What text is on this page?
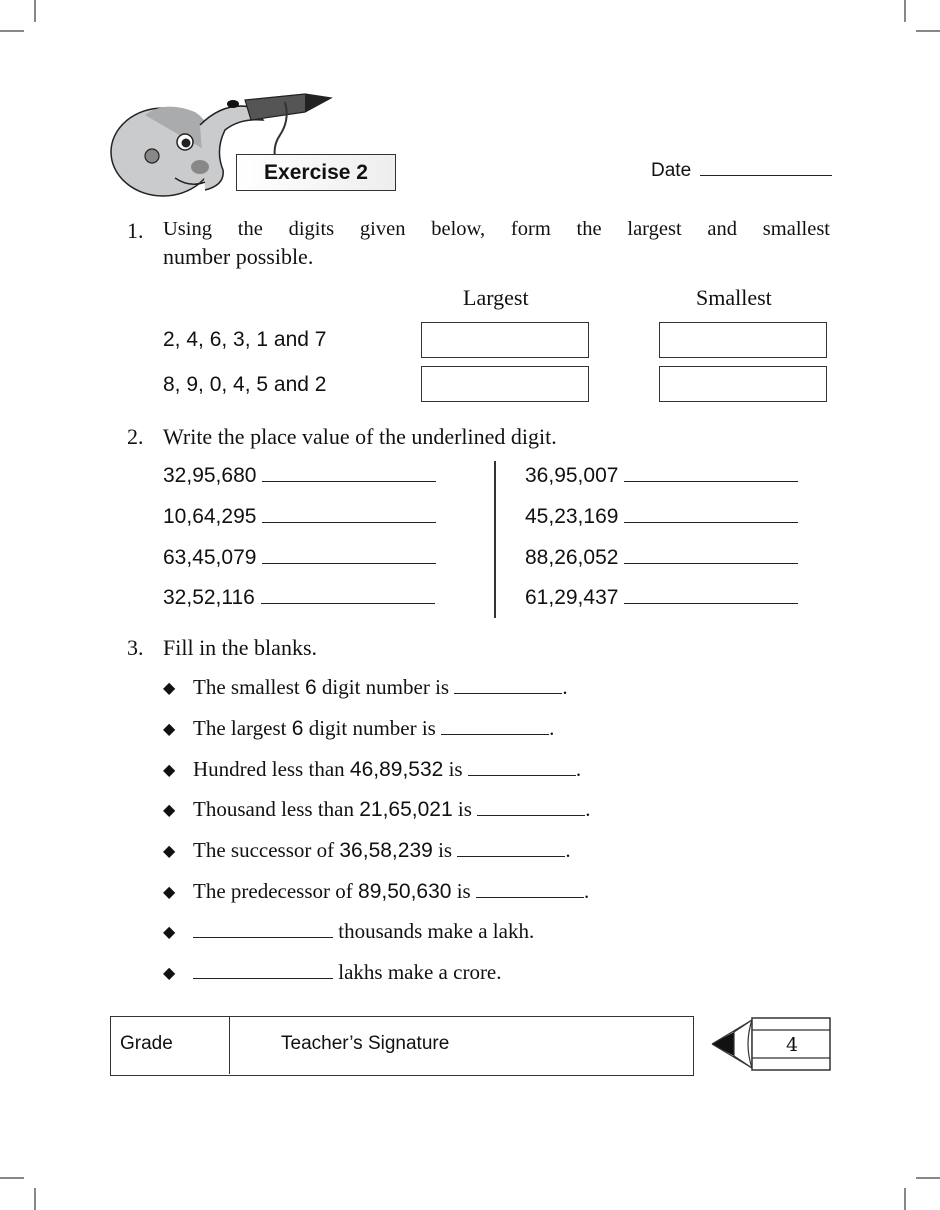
Exercise 2	Date
1. Using the digits given below, form the largest and smallest
number possible.
Largest	Smallest
2, 4, 6, 3, 1 and 7
8, 9, 0, 4, 5 and 2
2. Write the place value of the underlined digit.
32,95,680
10,64,295
63,45,079
32,52,116
36,95,007
45,23,169
88,26,052
61,29,437
3. Fill in the blanks.
◆ The smallest 6 digit number is	.
◆ The largest 6 digit number is	.
◆ Hundred less than 46,89,532 is	.
◆ Thousand less than 21,65,021 is	.
◆ The successor of 36,58,239 is	.
◆ The predecessor of 89,50,630 is	.
◆	thousands make a lakh.
◆	lakhs make a crore.
Grade	Teacher’s Signature	4
